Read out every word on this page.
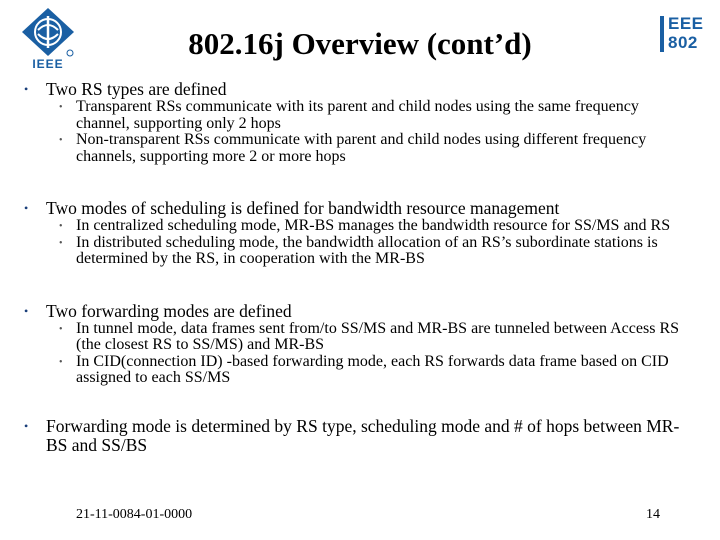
IEEE
EEE
802
802.16j Overview (cont’d)
• Two RS types are defined
• Transparent RSs communicate with its parent and child nodes using the same frequency channel, supporting only 2 hops
• Non-transparent RSs communicate with parent and child nodes using different frequency channels, supporting more 2 or more hops
• Two modes of scheduling is defined for bandwidth resource management
• In centralized scheduling mode, MR-BS manages the bandwidth resource for SS/MS and RS
• In distributed scheduling mode, the bandwidth allocation of an RS’s subordinate stations is determined by the RS, in cooperation with the MR-BS
• Two forwarding modes are defined
• In tunnel mode, data frames sent from/to SS/MS and MR-BS are tunneled between Access RS (the closest RS to SS/MS) and MR-BS
• In CID(connection ID) -based forwarding mode, each RS forwards data frame based on CID assigned to each SS/MS
• Forwarding mode is determined by RS type, scheduling mode and # of hops between MR-BS and SS/BS
21-11-0084-01-0000	14
